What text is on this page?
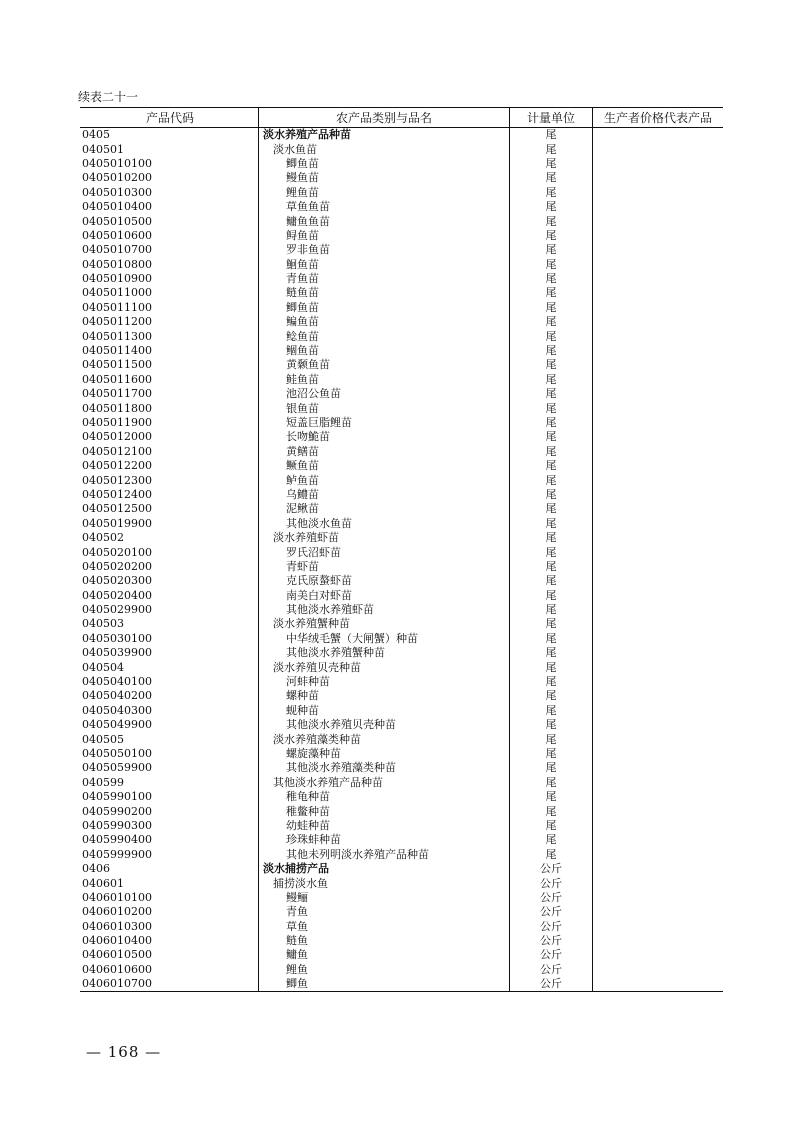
续表二十一
产品代码	农产品类别与品名	计量单位	生产者价格代表产品
0405	淡水养殖产品种苗	尾	
040501	淡水鱼苗	尾	
0405010100	鲫鱼苗	尾	
0405010200	鳗鱼苗	尾	
0405010300	鲤鱼苗	尾	
0405010400	草鱼鱼苗	尾	
0405010500	鳙鱼鱼苗	尾	
0405010600	鲟鱼苗	尾	
0405010700	罗非鱼苗	尾	
0405010800	鮰鱼苗	尾	
0405010900	青鱼苗	尾	
0405011000	鲢鱼苗	尾	
0405011100	鲫鱼苗	尾	
0405011200	鳊鱼苗	尾	
0405011300	鲶鱼苗	尾	
0405011400	鲴鱼苗	尾	
0405011500	黄颡鱼苗	尾	
0405011600	鲑鱼苗	尾	
0405011700	池沼公鱼苗	尾	
0405011800	银鱼苗	尾	
0405011900	短盖巨脂鲤苗	尾	
0405012000	长吻鮠苗	尾	
0405012100	黄鳝苗	尾	
0405012200	鳜鱼苗	尾	
0405012300	鲈鱼苗	尾	
0405012400	乌鳢苗	尾	
0405012500	泥鳅苗	尾	
0405019900	其他淡水鱼苗	尾	
040502	淡水养殖虾苗	尾	
0405020100	罗氏沼虾苗	尾	
0405020200	青虾苗	尾	
0405020300	克氏原螯虾苗	尾	
0405020400	南美白对虾苗	尾	
0405029900	其他淡水养殖虾苗	尾	
040503	淡水养殖蟹种苗	尾	
0405030100	中华绒毛蟹（大闸蟹）种苗	尾	
0405039900	其他淡水养殖蟹种苗	尾	
040504	淡水养殖贝壳种苗	尾	
0405040100	河蚌种苗	尾	
0405040200	螺种苗	尾	
0405040300	蚬种苗	尾	
0405049900	其他淡水养殖贝壳种苗	尾	
040505	淡水养殖藻类种苗	尾	
0405050100	螺旋藻种苗	尾	
0405059900	其他淡水养殖藻类种苗	尾	
040599	其他淡水养殖产品种苗	尾	
0405990100	稚龟种苗	尾	
0405990200	稚鳖种苗	尾	
0405990300	幼蛙种苗	尾	
0405990400	珍珠蚌种苗	尾	
0405999900	其他未列明淡水养殖产品种苗	尾	
0406	淡水捕捞产品	公斤	
040601	捕捞淡水鱼	公斤	
0406010100	鳗鲡	公斤	
0406010200	青鱼	公斤	
0406010300	草鱼	公斤	
0406010400	鲢鱼	公斤	
0406010500	鳙鱼	公斤	
0406010600	鲤鱼	公斤	
0406010700	鲫鱼	公斤	
— 168 —
